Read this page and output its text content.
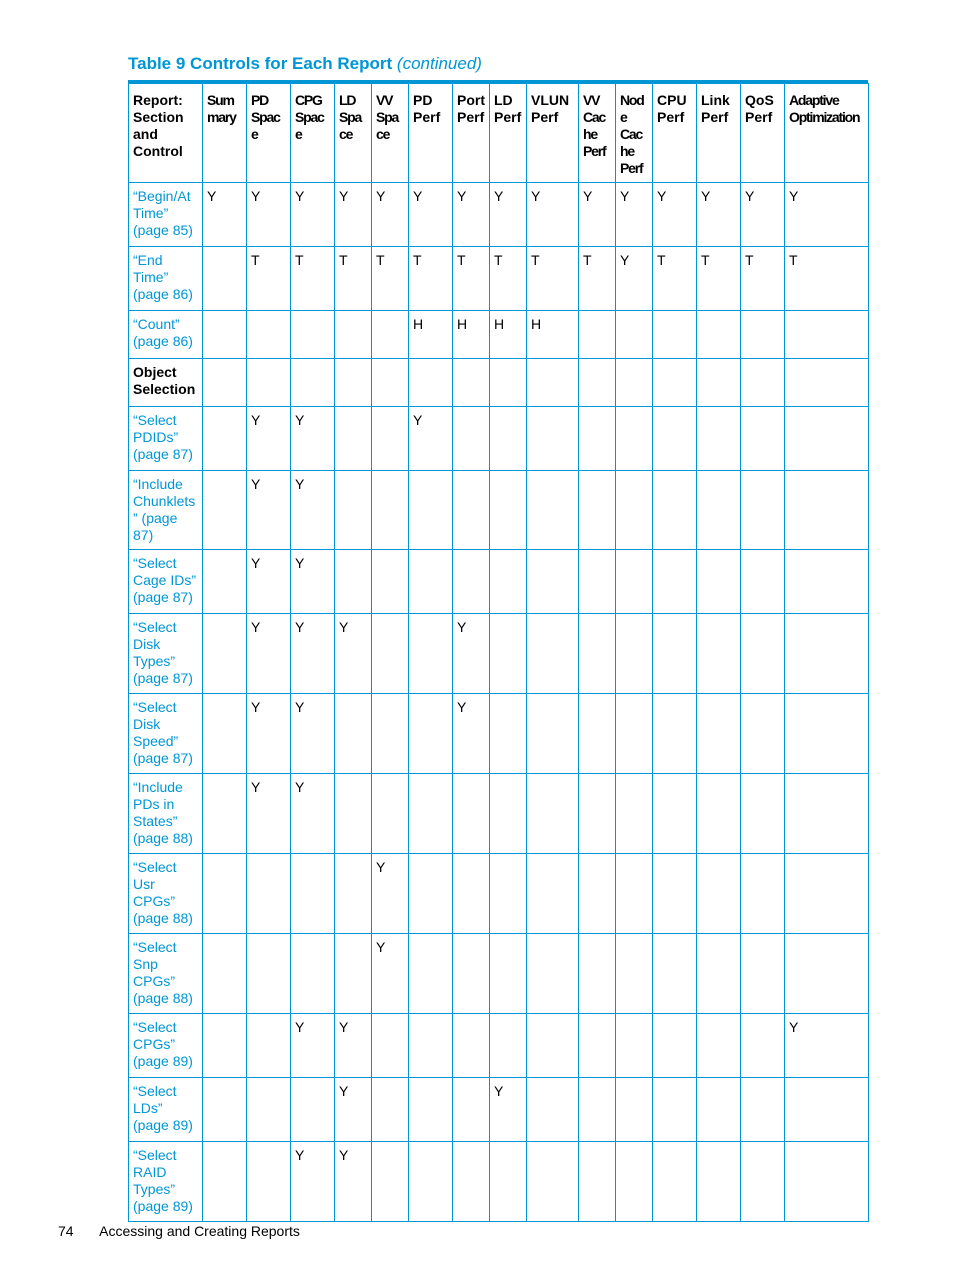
Table 9 Controls for Each Report (continued)
Report: Section and Control	Summary	PD Space	CPG Space	LD Space	VV Space	PD Perf	Port Perf	LD Perf	VLUN Perf	VV Cache Perf	Node Cache Perf	CPU Perf	Link Perf	QoS Perf	Adaptive Optimization
“Begin/At Time” (page 85)	Y	Y	Y	Y	Y	Y	Y	Y	Y	Y	Y	Y	Y	Y	Y
“End Time” (page 86)		T	T	T	T	T	T	T	T	T	Y	T	T	T	T
“Count” (page 86)						H	H	H	H						
Object Selection															
“Select PDIDs” (page 87)		Y	Y			Y									
“Include Chunklets” (page 87)		Y	Y												
“Select Cage IDs” (page 87)		Y	Y												
“Select Disk Types” (page 87)		Y	Y	Y			Y								
“Select Disk Speed” (page 87)		Y	Y				Y								
“Include PDs in States” (page 88)		Y	Y												
“Select Usr CPGs” (page 88)					Y										
“Select Snp CPGs” (page 88)					Y										
“Select CPGs” (page 89)			Y	Y											Y
“Select LDs” (page 89)				Y				Y							
“Select RAID Types” (page 89)			Y	Y											
74 Accessing and Creating Reports
